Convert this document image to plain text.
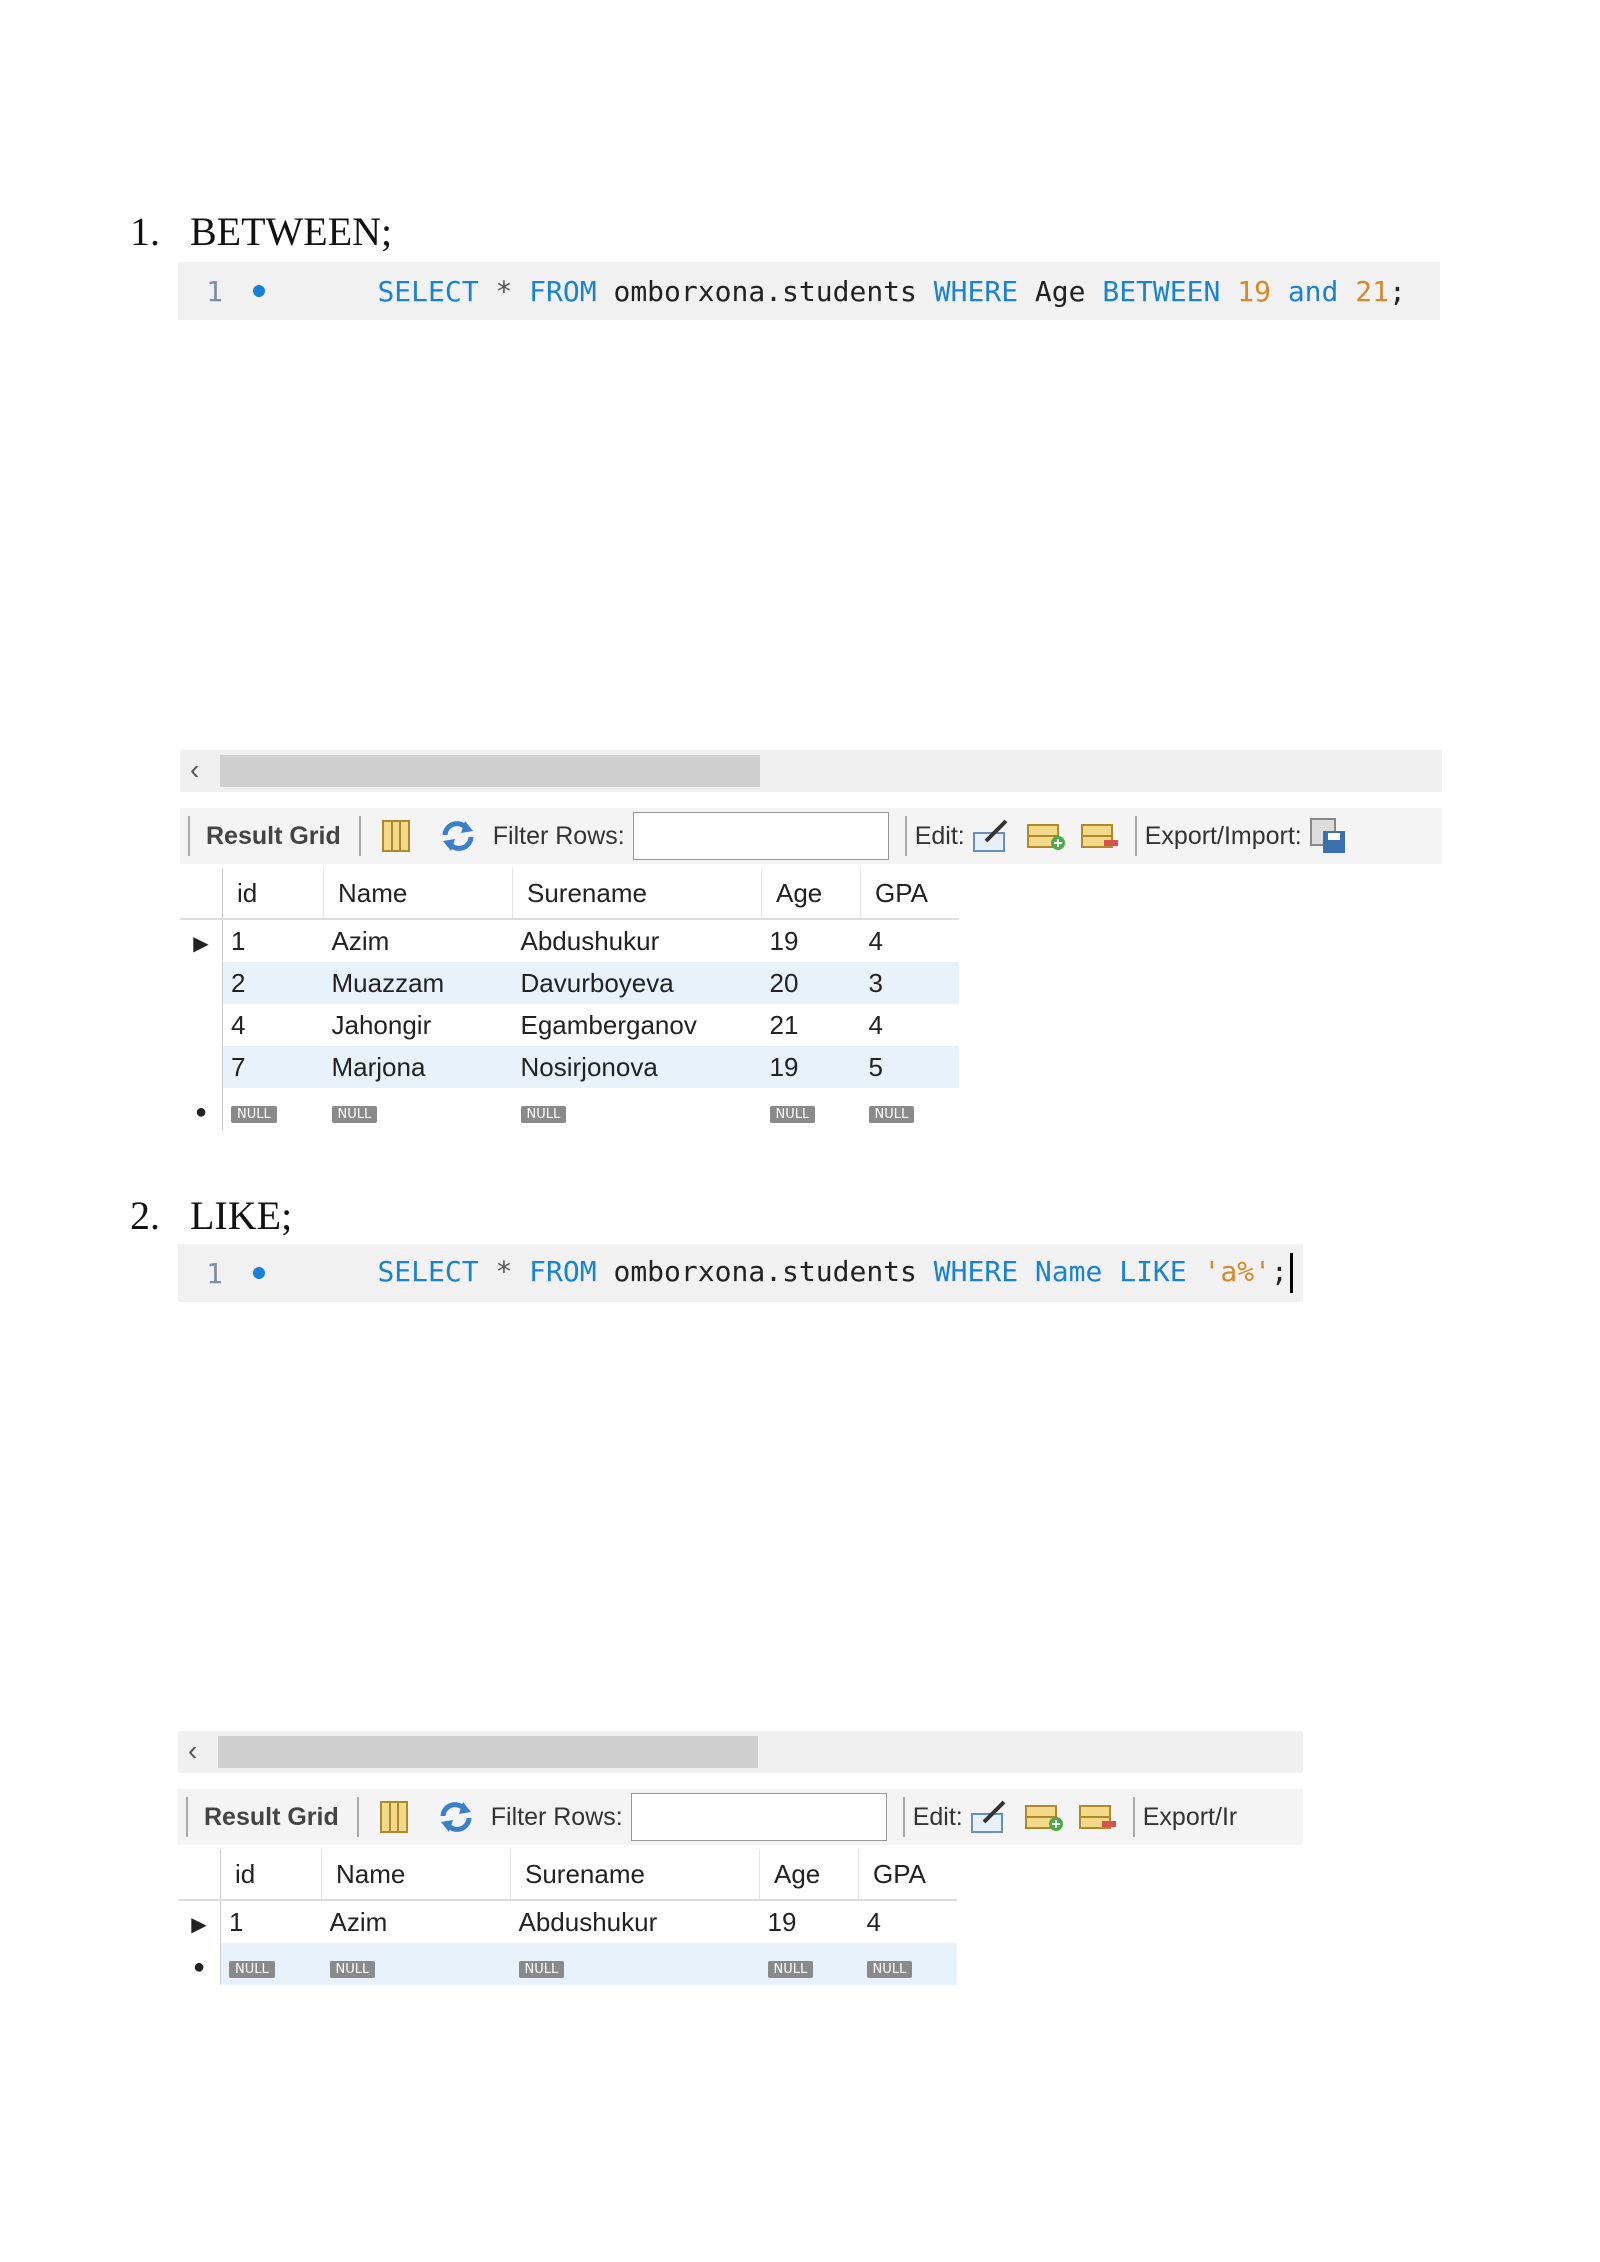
1. BETWEEN;
1	SELECT * FROM omborxona.students WHERE Age BETWEEN 19 and 21;

‹
Result Grid	Filter Rows:	Edit:	Export/Import:
	id	Name	Surename	Age	GPA
▶	1	Azim	Abdushukur	19	4
	2	Muazzam	Davurboyeva	20	3
	4	Jahongir	Egamberganov	21	4
	7	Marjona	Nosirjonova	19	5
●	NULL	NULL	NULL	NULL	NULL
2. LIKE;
1	SELECT * FROM omborxona.students WHERE Name LIKE 'a%';

‹
Result Grid	Filter Rows:	Edit:	Export/Ir
	id	Name	Surename	Age	GPA
▶	1	Azim	Abdushukur	19	4
●	NULL	NULL	NULL	NULL	NULL
